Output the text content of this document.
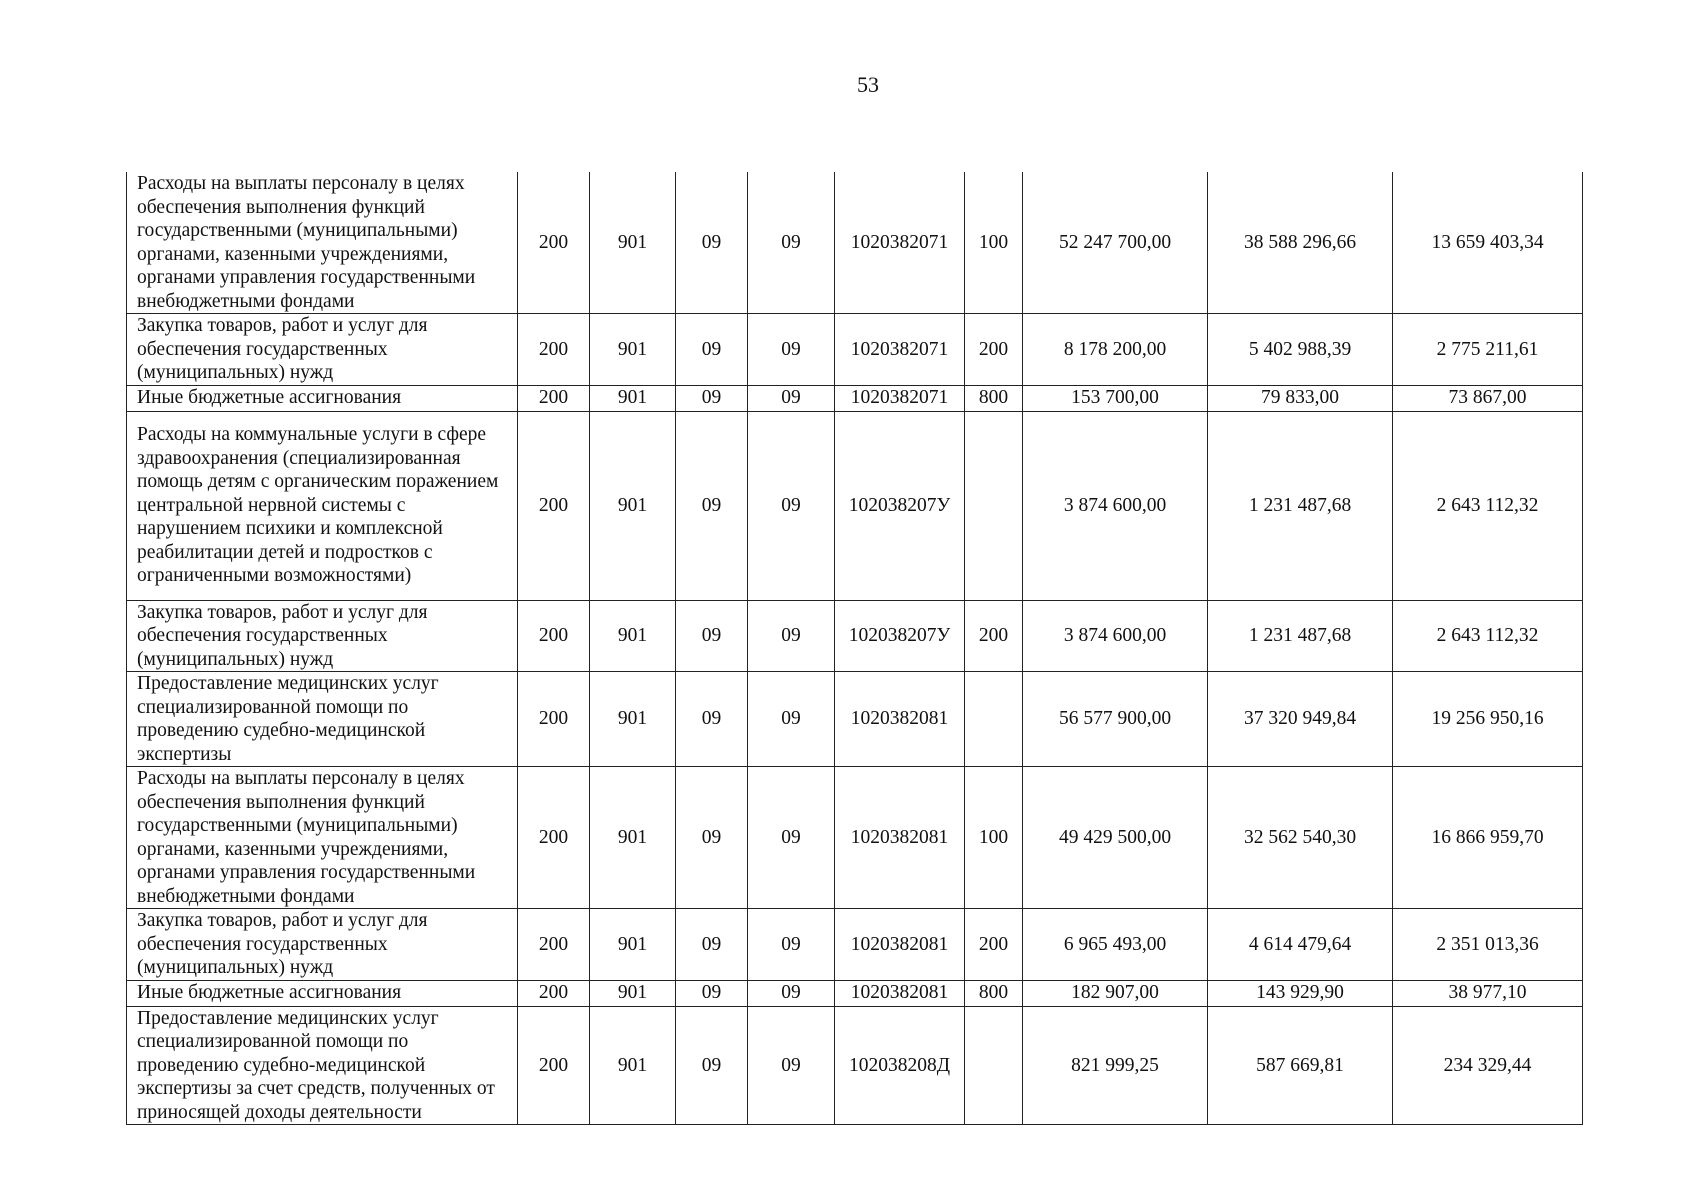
53
Расходы на выплаты персоналу в целях обеспечения выполнения функций государственными (муниципальными) органами, казенными учреждениями, органами управления государственными внебюджетными фондами	200	901	09	09	1020382071	100	52 247 700,00	38 588 296,66	13 659 403,34
Закупка товаров, работ и услуг для обеспечения государственных (муниципальных) нужд	200	901	09	09	1020382071	200	8 178 200,00	5 402 988,39	2 775 211,61
Иные бюджетные ассигнования	200	901	09	09	1020382071	800	153 700,00	79 833,00	73 867,00
Расходы на коммунальные услуги в сфере здравоохранения (специализированная помощь детям с органическим поражением центральной нервной системы с нарушением психики и комплексной реабилитации детей и подростков с ограниченными возможностями)	200	901	09	09	102038207У		3 874 600,00	1 231 487,68	2 643 112,32
Закупка товаров, работ и услуг для обеспечения государственных (муниципальных) нужд	200	901	09	09	102038207У	200	3 874 600,00	1 231 487,68	2 643 112,32
Предоставление медицинских услуг специализированной помощи по проведению судебно-медицинской экспертизы	200	901	09	09	1020382081		56 577 900,00	37 320 949,84	19 256 950,16
Расходы на выплаты персоналу в целях обеспечения выполнения функций государственными (муниципальными) органами, казенными учреждениями, органами управления государственными внебюджетными фондами	200	901	09	09	1020382081	100	49 429 500,00	32 562 540,30	16 866 959,70
Закупка товаров, работ и услуг для обеспечения государственных (муниципальных) нужд	200	901	09	09	1020382081	200	6 965 493,00	4 614 479,64	2 351 013,36
Иные бюджетные ассигнования	200	901	09	09	1020382081	800	182 907,00	143 929,90	38 977,10
Предоставление медицинских услуг специализированной помощи по проведению судебно-медицинской экспертизы за счет средств, полученных от приносящей доходы деятельности	200	901	09	09	102038208Д		821 999,25	587 669,81	234 329,44
